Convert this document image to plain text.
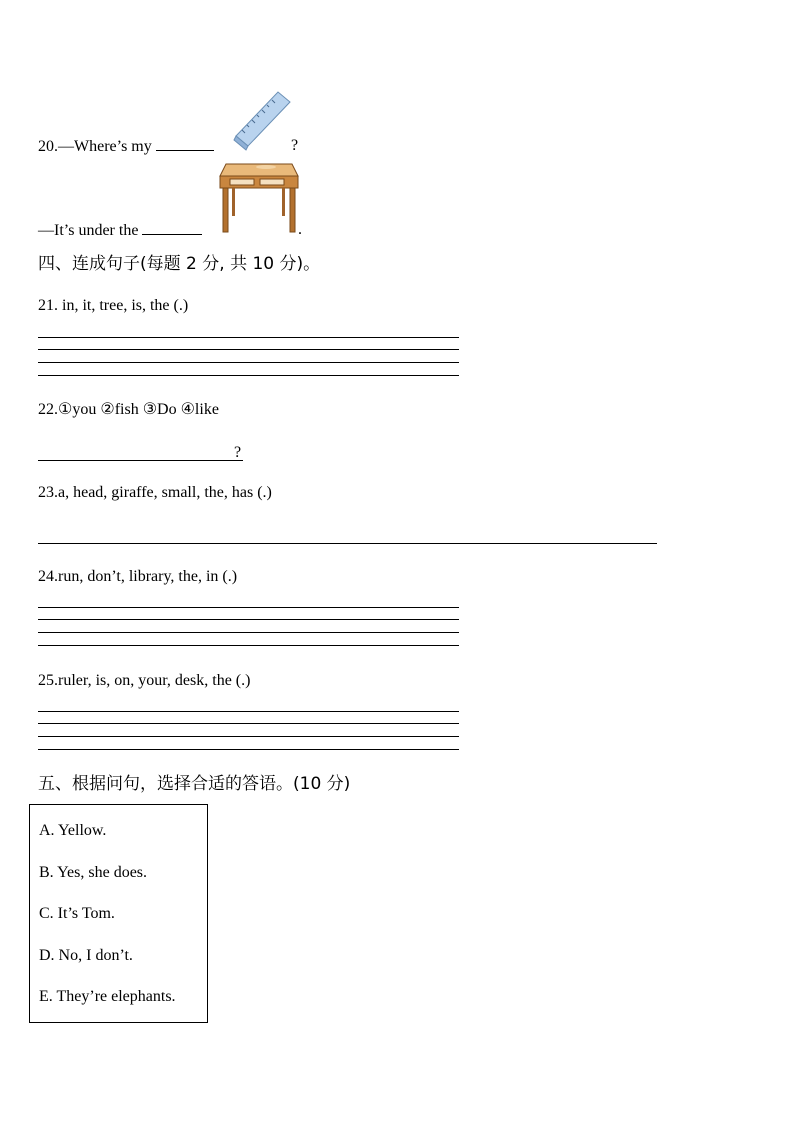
20.—Where’s my	?
—It’s under the	.
四、连成句子(每题 2 分, 共 10 分)。
21. in, it, tree, is, the (.)
22.①you ②fish ③Do ④like
?
23.a, head, giraffe, small, the, has (.)
24.run, don’t, library, the, in (.)
25.ruler, is, on, your, desk, the (.)
五、根据问句，选择合适的答语。(10 分)
A. Yellow.
B. Yes, she does.
C. It’s Tom.
D. No, I don’t.
E. They’re elephants.
